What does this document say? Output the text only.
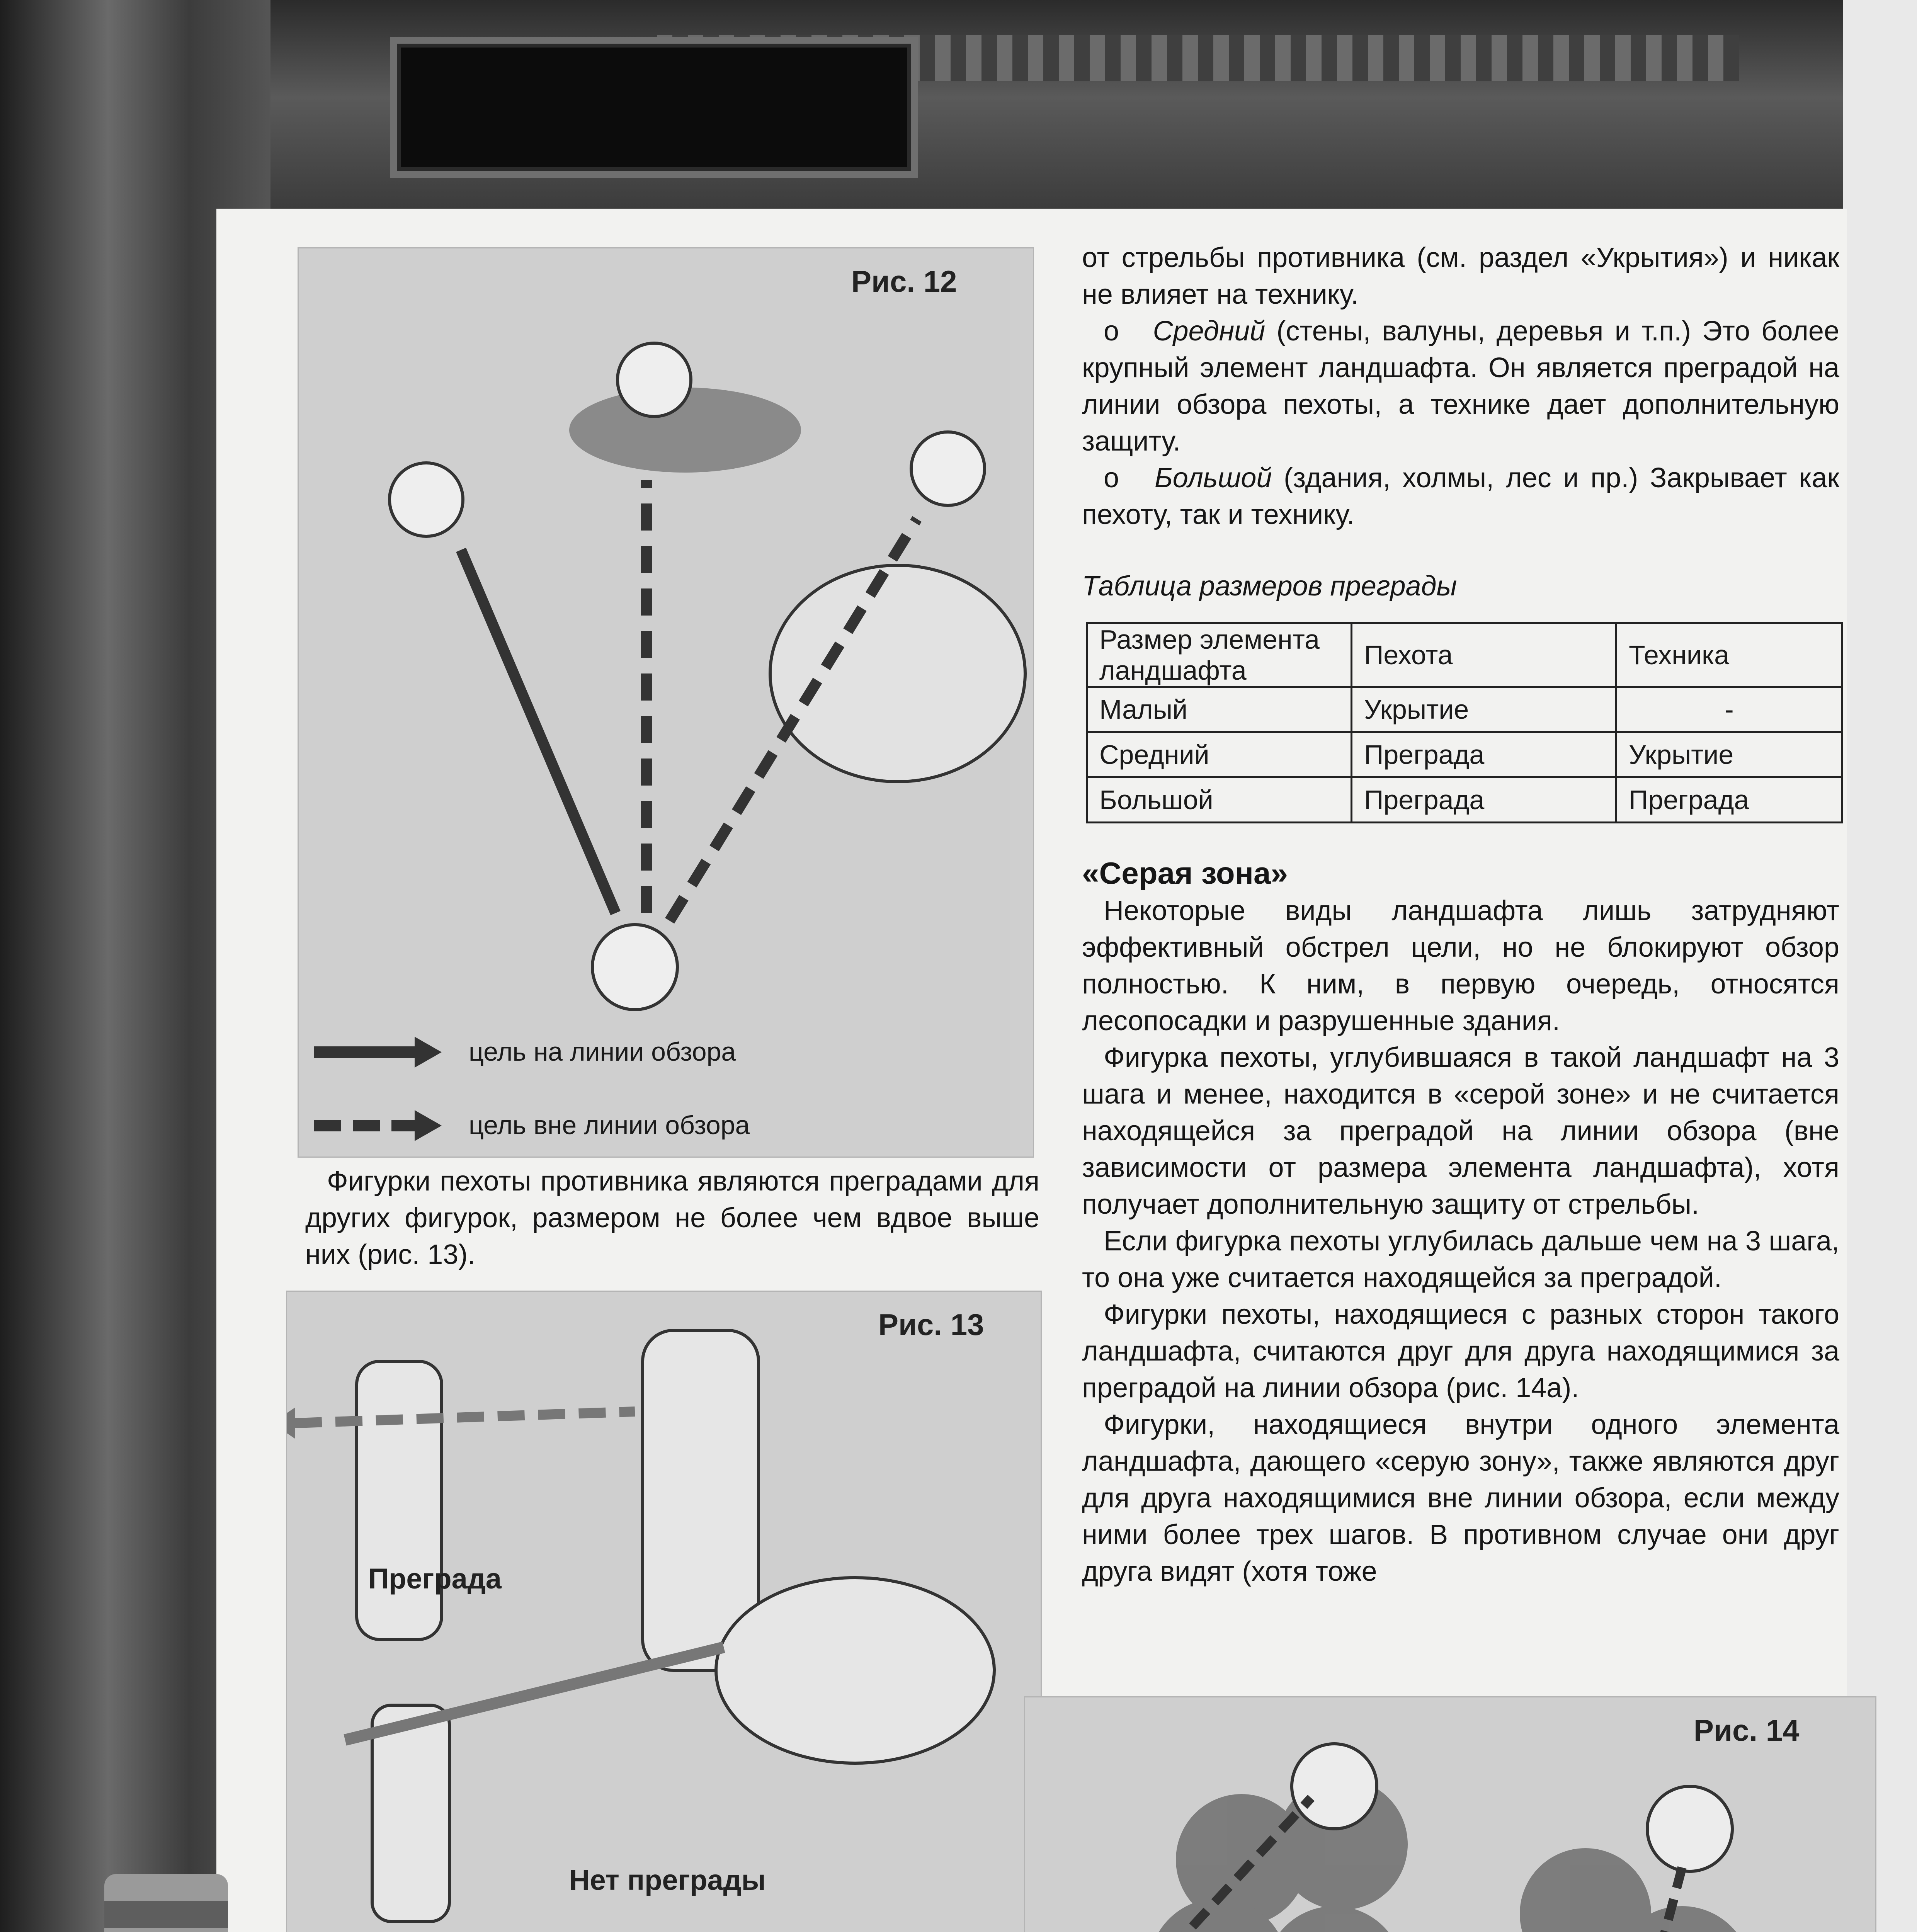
Рис. 12
цель на линии обзора
цель вне линии обзора

Фигурки пехоты противника являются преградами для других фигурок, размером не более чем вдвое выше них (рис. 13).

Рис. 13
Преграда
Нет преграды

от стрельбы противника (см. раздел «Укрытия») и никак не влияет на технику.

о Средний (стены, валуны, деревья и т.п.) Это более крупный элемент ландшафта. Он является преградой на линии обзора пехоты, а технике дает дополнительную защиту.

о Большой (здания, холмы, лес и пр.) Закрывает как пехоту, так и технику.

Таблица размеров преграды

Размер элемента ландшафта	Пехота	Техника
Малый	Укрытие	-
Средний	Преграда	Укрытие
Большой	Преграда	Преграда
«Серая зона»

Некоторые виды ландшафта лишь затрудняют эффективный обстрел цели, но не блокируют обзор полностью. К ним, в первую очередь, относятся лесопосадки и разрушенные здания.

Фигурка пехоты, углубившаяся в такой ландшафт на 3 шага и менее, находится в «серой зоне» и не считается находящейся за преградой на линии обзора (вне зависимости от размера элемента ландшафта), хотя получает дополнительную защиту от стрельбы.

Если фигурка пехоты углубилась дальше чем на 3 шага, то она уже считается находящейся за преградой.

Фигурки пехоты, находящиеся с разных сторон такого ландшафта, считаются друг для друга находящимися за преградой на линии обзора (рис. 14а).

Фигурки, находящиеся внутри одного элемента ландшафта, дающего «серую зону», также являются друг для друга находящимися вне линии обзора, если между ними более трех шагов. В противном случае они друг друга видят (хотя тоже

Рис. 14
